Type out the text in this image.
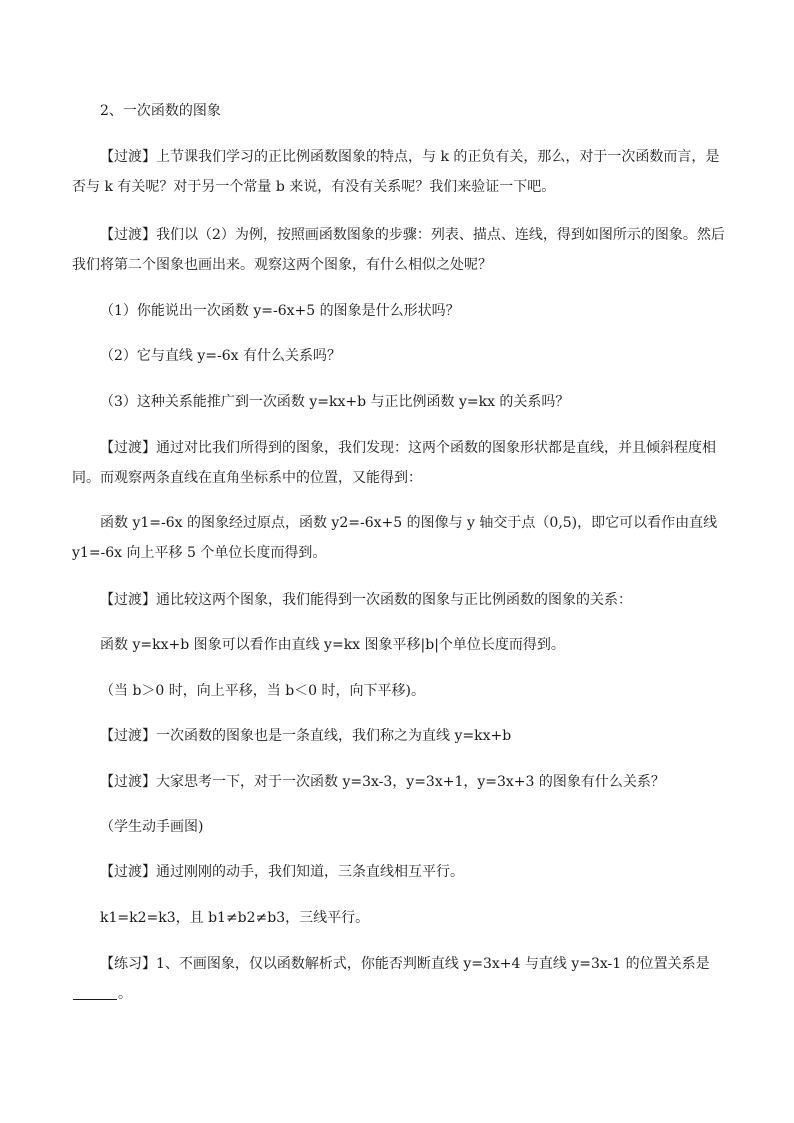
2、一次函数的图象

【过渡】上节课我们学习的正比例函数图象的特点，与 k 的正负有关，那么，对于一次函数而言，是否与 k 有关呢？对于另一个常量 b 来说，有没有关系呢？我们来验证一下吧。

【过渡】我们以（2）为例，按照画函数图象的步骤：列表、描点、连线，得到如图所示的图象。然后我们将第二个图象也画出来。观察这两个图象，有什么相似之处呢？

（1）你能说出一次函数 y=-6x+5 的图象是什么形状吗？

（2）它与直线 y=-6x 有什么关系吗？

（3）这种关系能推广到一次函数 y=kx+b 与正比例函数 y=kx 的关系吗？

【过渡】通过对比我们所得到的图象，我们发现：这两个函数的图象形状都是直线，并且倾斜程度相同。而观察两条直线在直角坐标系中的位置，又能得到：

函数 y1=-6x 的图象经过原点，函数 y2=-6x+5 的图像与 y 轴交于点（0,5)，即它可以看作由直线 y1=-6x 向上平移 5 个单位长度而得到。

【过渡】通比较这两个图象，我们能得到一次函数的图象与正比例函数的图象的关系：

函数 y=kx+b 图象可以看作由直线 y=kx 图象平移|b|个单位长度而得到。

（当 b＞0 时，向上平移，当 b＜0 时，向下平移)。

【过渡】一次函数的图象也是一条直线，我们称之为直线 y=kx+b

【过渡】大家思考一下，对于一次函数 y=3x-3，y=3x+1，y=3x+3 的图象有什么关系？

（学生动手画图)

【过渡】通过刚刚的动手，我们知道，三条直线相互平行。

k1=k2=k3，且 b1≠b2≠b3，三线平行。

【练习】1、不画图象，仅以函数解析式，你能否判断直线 y=3x+4 与直线 y=3x-1 的位置关系是。
